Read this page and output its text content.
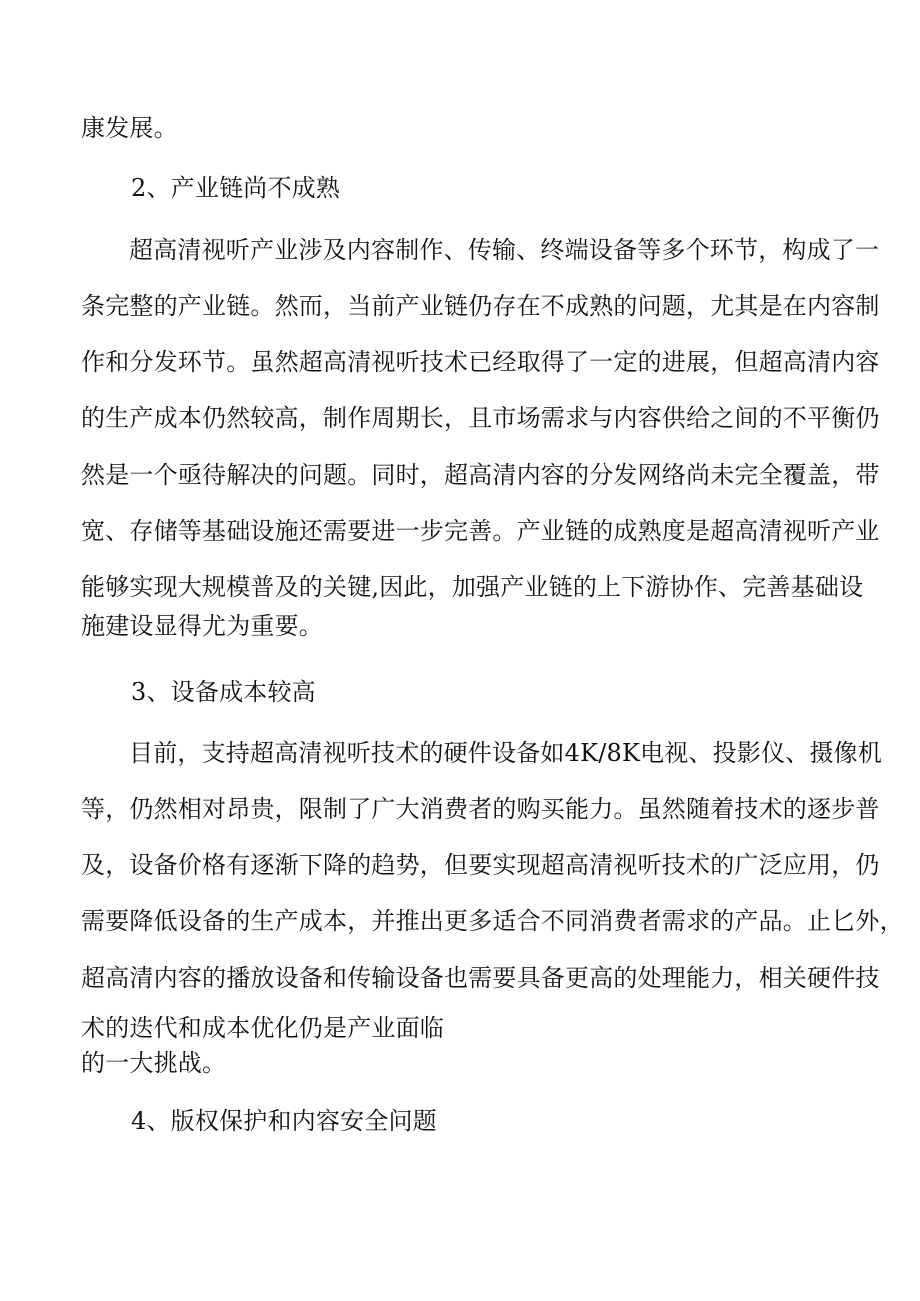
康发展。
2、产业链尚不成熟
超高清视听产业涉及内容制作、传输、终端设备等多个环节，构成了一
条完整的产业链。然而，当前产业链仍存在不成熟的问题，尤其是在内容制
作和分发环节。虽然超高清视听技术已经取得了一定的进展，但超高清内容
的生产成本仍然较高，制作周期长，且市场需求与内容供给之间的不平衡仍
然是一个亟待解决的问题。同时，超高清内容的分发网络尚未完全覆盖，带
宽、存储等基础设施还需要进一步完善。产业链的成熟度是超高清视听产业
能够实现大规模普及的关键,因此，加强产业链的上下游协作、完善基础设
施建设显得尤为重要。
3、设备成本较高
目前，支持超高清视听技术的硬件设备如4K/8K电视、投影仪、摄像机
等，仍然相对昂贵，限制了广大消费者的购买能力。虽然随着技术的逐步普
及，设备价格有逐渐下降的趋势，但要实现超高清视听技术的广泛应用，仍
需要降低设备的生产成本，并推出更多适合不同消费者需求的产品。止匕外，
超高清内容的播放设备和传输设备也需要具备更高的处理能力，相关硬件技
术的迭代和成本优化仍是产业面临
的一大挑战。
4、版权保护和内容安全问题
